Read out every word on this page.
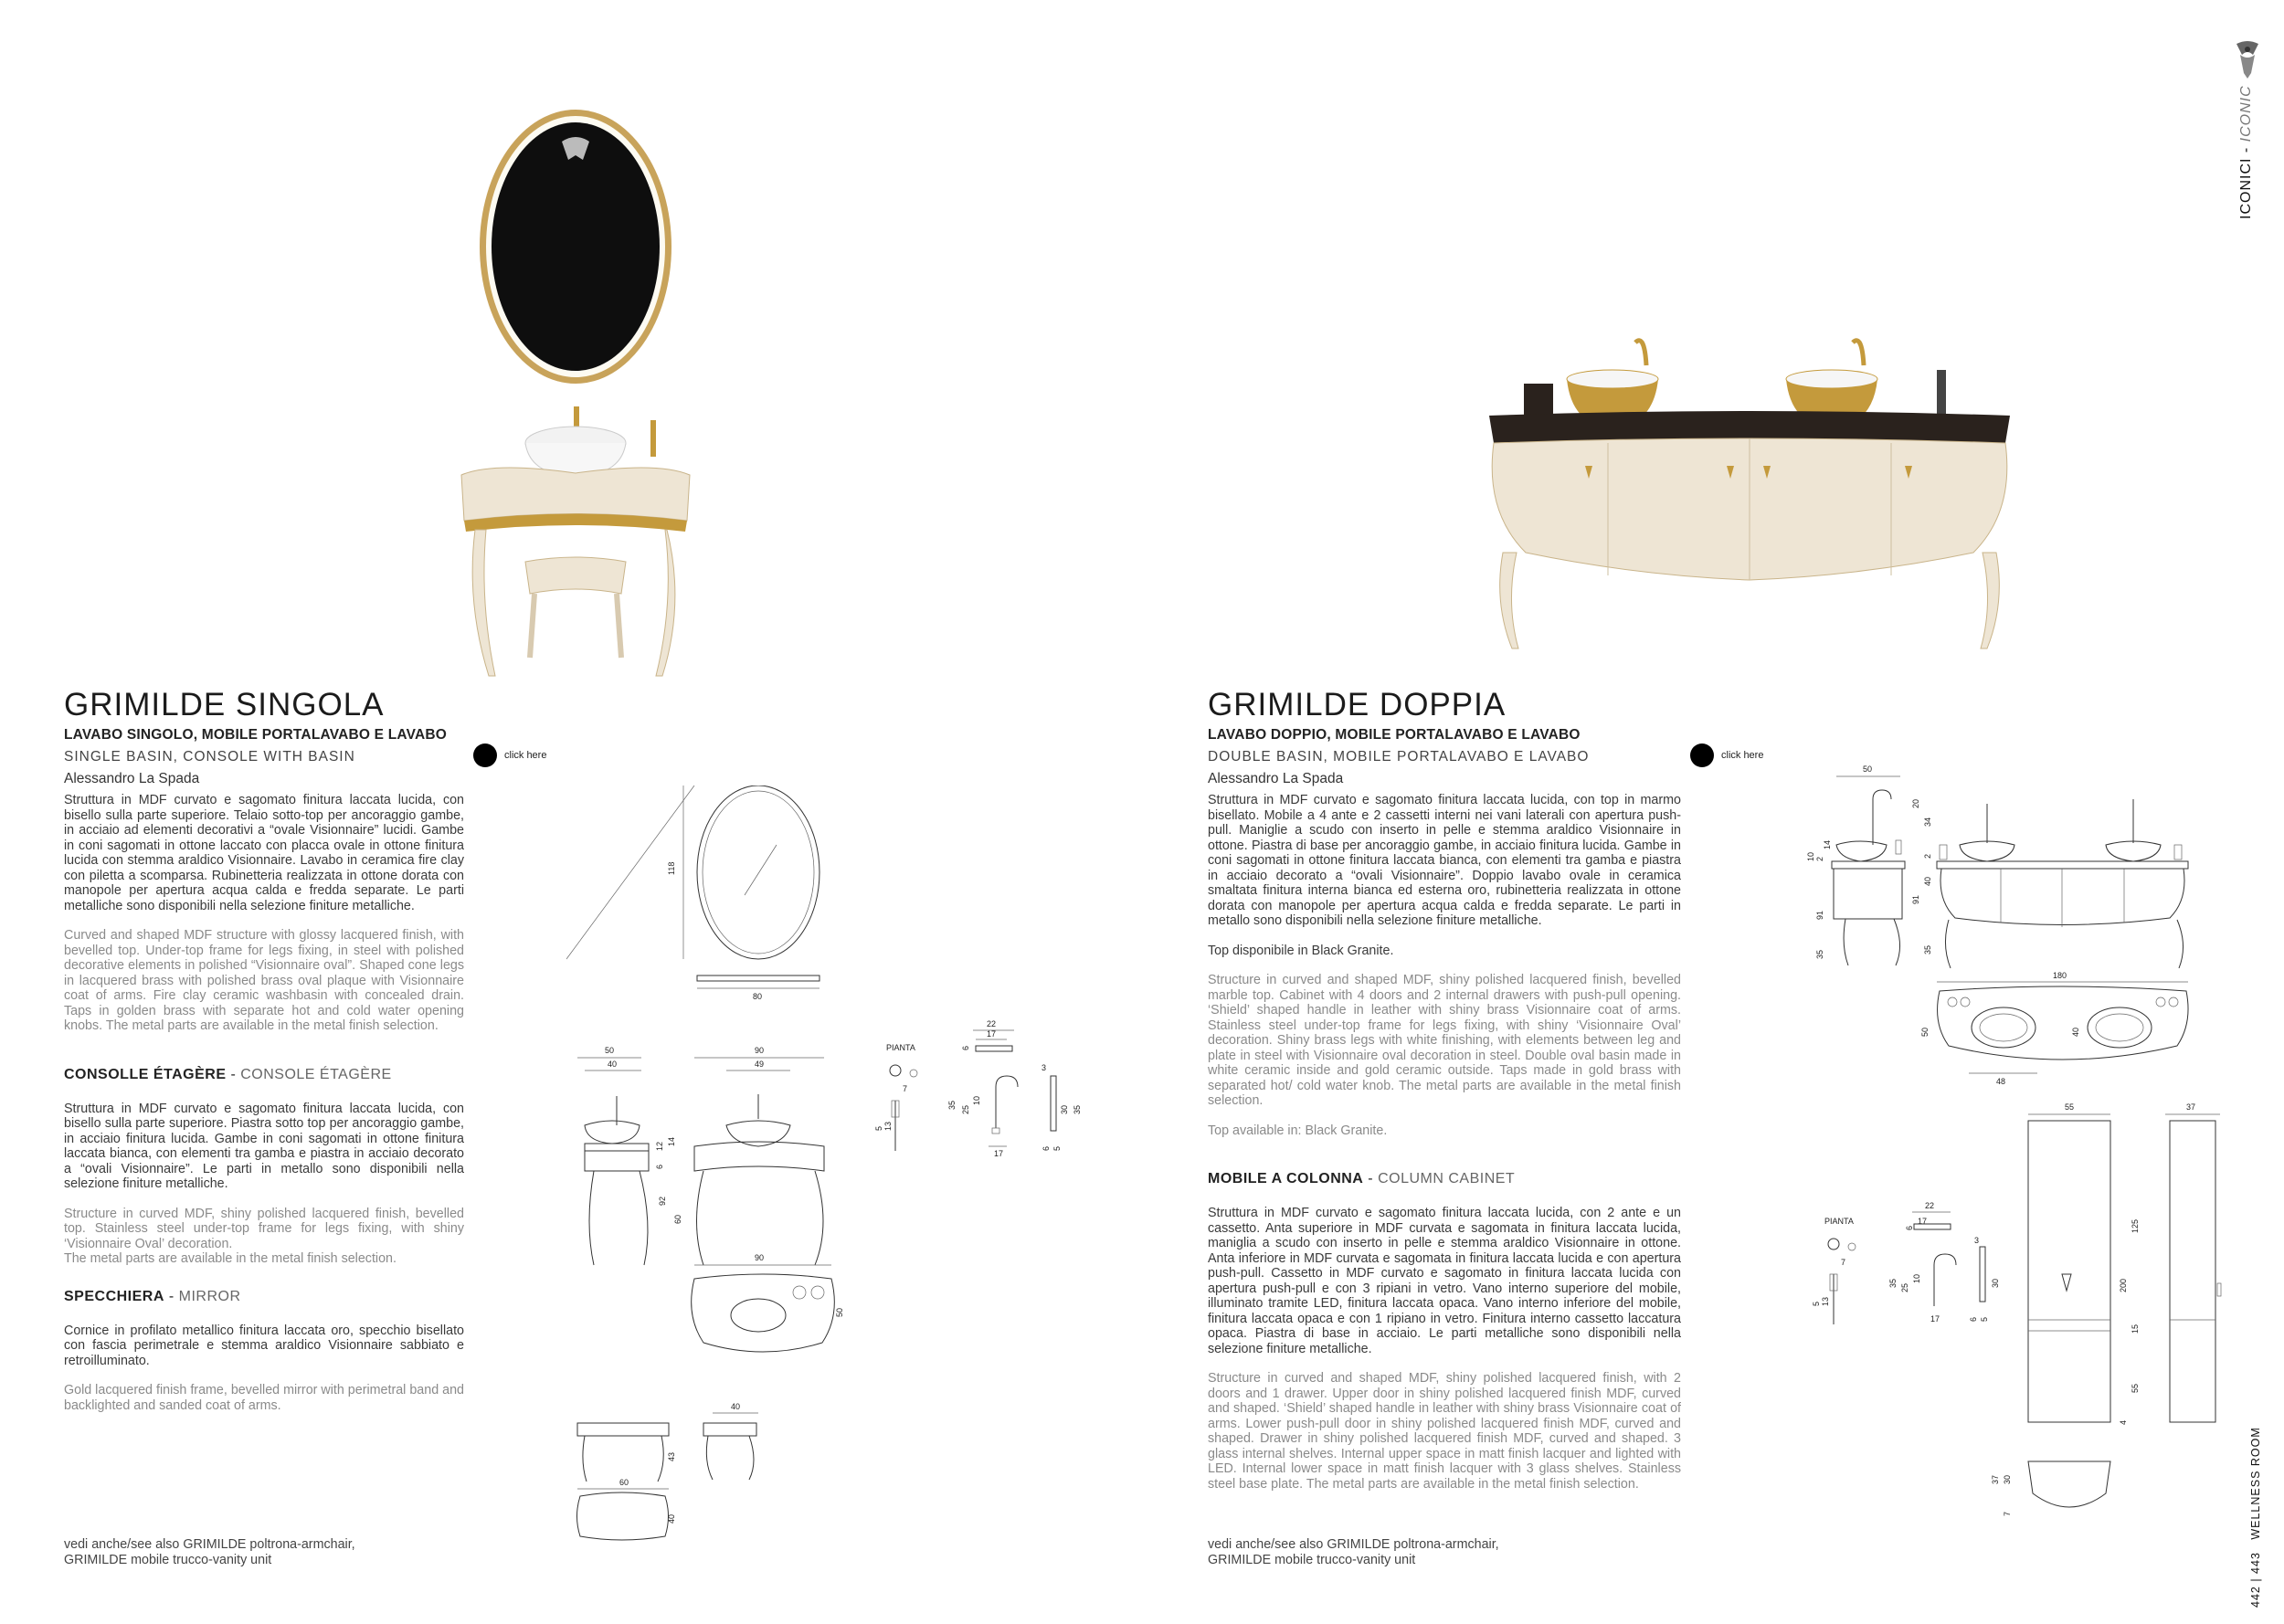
ICONICI - ICONIC
442 | 443   WELLNESS ROOM
GRIMILDE SINGOLA
LAVABO SINGOLO, MOBILE PORTALAVABO E LAVABO
SINGLE BASIN, CONSOLE WITH BASIN
Alessandro La Spada
click here

Struttura in MDF curvato e sagomato finitura laccata lucida, con bisello sulla parte superiore. Telaio sotto-top per ancoraggio gambe, in acciaio ad elementi decorativi a “ovale Visionnaire” lucidi. Gambe in coni sagomati in ottone laccato con placca ovale in ottone finitura lucida con stemma araldico Visionnaire. Lavabo in ceramica fire clay con piletta a scomparsa. Rubinetteria realizzata in ottone dorata con manopole per apertura acqua calda e fredda separate. Le parti metalliche sono disponibili nella selezione finiture metalliche.

Curved and shaped MDF structure with glossy lacquered finish, with bevelled top. Under-top frame for legs fixing, in steel with polished decorative elements in polished “Visionnaire oval”. Shaped cone legs in lacquered brass with polished brass oval plaque with Visionnaire coat of arms. Fire clay ceramic washbasin with concealed drain. Taps in golden brass with separate hot and cold water opening knobs. The metal parts are available in the metal finish selection.

CONSOLLE ÉTAGÈRE - CONSOLE ÉTAGÈRE

Struttura in MDF curvato e sagomato finitura laccata lucida, con bisello sulla parte superiore. Piastra sotto top per ancoraggio gambe, in acciaio finitura lucida. Gambe in coni sagomati in ottone finitura laccata bianca, con elementi tra gamba e piastra in acciaio decorato a “ovali Visionnaire”. Le parti in metallo sono disponibili nella selezione finiture metalliche.

Structure in curved MDF, shiny polished lacquered finish, bevelled top. Stainless steel under-top frame for legs fixing, with shiny ‘Visionnaire Oval’ decoration.
The metal parts are available in the metal finish selection.

SPECCHIERA - MIRROR

Cornice in profilato metallico finitura laccata oro, specchio bisellato con fascia perimetrale e stemma araldico Visionnaire sabbiato e retroilluminato.

Gold lacquered finish frame, bevelled mirror with perimetral band and backlighted and sanded coat of arms.

vedi anche/see also GRIMILDE poltrona-armchair,
GRIMILDE mobile trucco-vanity unit
118
80
50
40
6
12 14
92
60
90
49
90
50
40
43
60
40
PIANTA
7
13
5
22
17
6
35 25
10
17
3
30 35
6 5
GRIMILDE DOPPIA
LAVABO DOPPIO, MOBILE PORTALAVABO E LAVABO
DOUBLE BASIN, MOBILE PORTALAVABO E LAVABO
Alessandro La Spada
click here

Struttura in MDF curvato e sagomato finitura laccata lucida, con top in marmo bisellato. Mobile a 4 ante e 2 cassetti interni nei vani laterali con apertura push-pull. Maniglie a scudo con inserto in pelle e stemma araldico Visionnaire in ottone. Piastra di base per ancoraggio gambe, in acciaio finitura lucida. Gambe in coni sagomati in ottone finitura laccata bianca, con elementi tra gamba e piastra in acciaio decorato a “ovali Visionnaire”. Doppio lavabo ovale in ceramica smaltata finitura interna bianca ed esterna oro, rubinetteria realizzata in ottone dorata con manopole per apertura acqua calda e fredda separate. Le parti in metallo sono disponibili nella selezione finiture metalliche.

Top disponibile in Black Granite.

Structure in curved and shaped MDF, shiny polished lacquered finish, bevelled marble top. Cabinet with 4 doors and 2 internal drawers with push-pull opening. ‘Shield’ shaped handle in leather with shiny brass Visionnaire coat of arms. Stainless steel under-top frame for legs fixing, with shiny ‘Visionnaire Oval’ decoration. Shiny brass legs with white finishing, with elements between leg and plate in steel with Visionnaire oval decoration in steel. Double oval basin made in white ceramic inside and gold ceramic outside. Taps made in gold brass with separated hot/ cold water knob. The metal parts are available in the metal finish selection.

Top available in: Black Granite.

MOBILE A COLONNA - COLUMN CABINET

Struttura in MDF curvato e sagomato finitura laccata lucida, con 2 ante e un cassetto. Anta superiore in MDF curvata e sagomata in finitura laccata lucida, maniglia a scudo con inserto in pelle e stemma araldico Visionnaire in ottone. Anta inferiore in MDF curvata e sagomata in finitura laccata lucida e con apertura push-pull. Cassetto in MDF curvato e sagomato in finitura laccata lucida con apertura push-pull e con 3 ripiani in vetro. Vano interno superiore del mobile, illuminato tramite LED, finitura laccata opaca. Vano interno inferiore del mobile, finitura laccata opaca e con 1 ripiano in vetro. Finitura interno cassetto laccatura opaca. Piastra di base in acciaio. Le parti metalliche sono disponibili nella selezione finiture metalliche.

Structure in curved and shaped MDF, shiny polished lacquered finish, with 2 doors and 1 drawer. Upper door in shiny polished lacquered finish MDF, curved and shaped. ‘Shield’ shaped handle in leather with shiny brass Visionnaire coat of arms. Lower push-pull door in shiny polished lacquered finish MDF, curved and shaped. Drawer in shiny polished lacquered finish MDF, curved and shaped. 3 glass internal shelves. Internal upper space in matt finish lacquer and lighted with LED. Internal lower space in matt finish lacquer with 3 glass shelves. Stainless steel base plate. The metal parts are available in the metal finish selection.

vedi anche/see also GRIMILDE poltrona-armchair,
GRIMILDE mobile trucco-vanity unit
50
91
35
10 2
14
20
34
2
40
91
35
180
50	40
48
55
125
200
15
55
4
37
37 30
7
PIANTA
7
13
5
22
6
17
35 25
10
17
3
30
6 5
